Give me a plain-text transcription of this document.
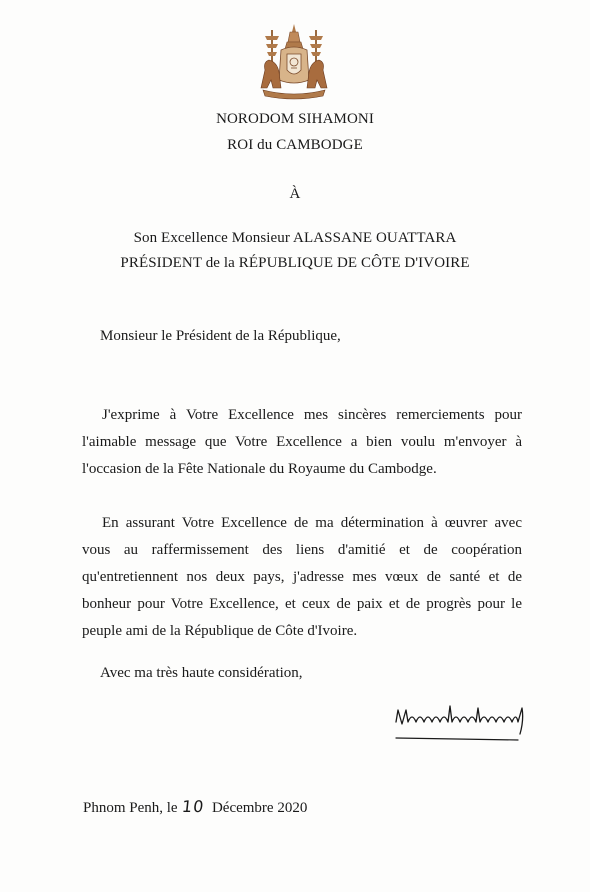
NORODOM SIHAMONI
ROI du CAMBODGE
À
Son Excellence Monsieur ALASSANE OUATTARA
PRÉSIDENT de la RÉPUBLIQUE DE CÔTE D'IVOIRE
Monsieur le Président de la République,

J'exprime à Votre Excellence mes sincères remerciements pour l'aimable message que Votre Excellence a bien voulu m'envoyer à l'occasion de la Fête Nationale du Royaume du Cambodge.

En assurant Votre Excellence de ma détermination à œuvrer avec vous au raffermissement des liens d'amitié et de coopération qu'entretiennent nos deux pays, j'adresse mes vœux de santé et de bonheur pour Votre Excellence, et ceux de paix et de progrès pour le peuple ami de la République de Côte d'Ivoire.

Avec ma très haute considération,
Phnom Penh, le 10 Décembre 2020
